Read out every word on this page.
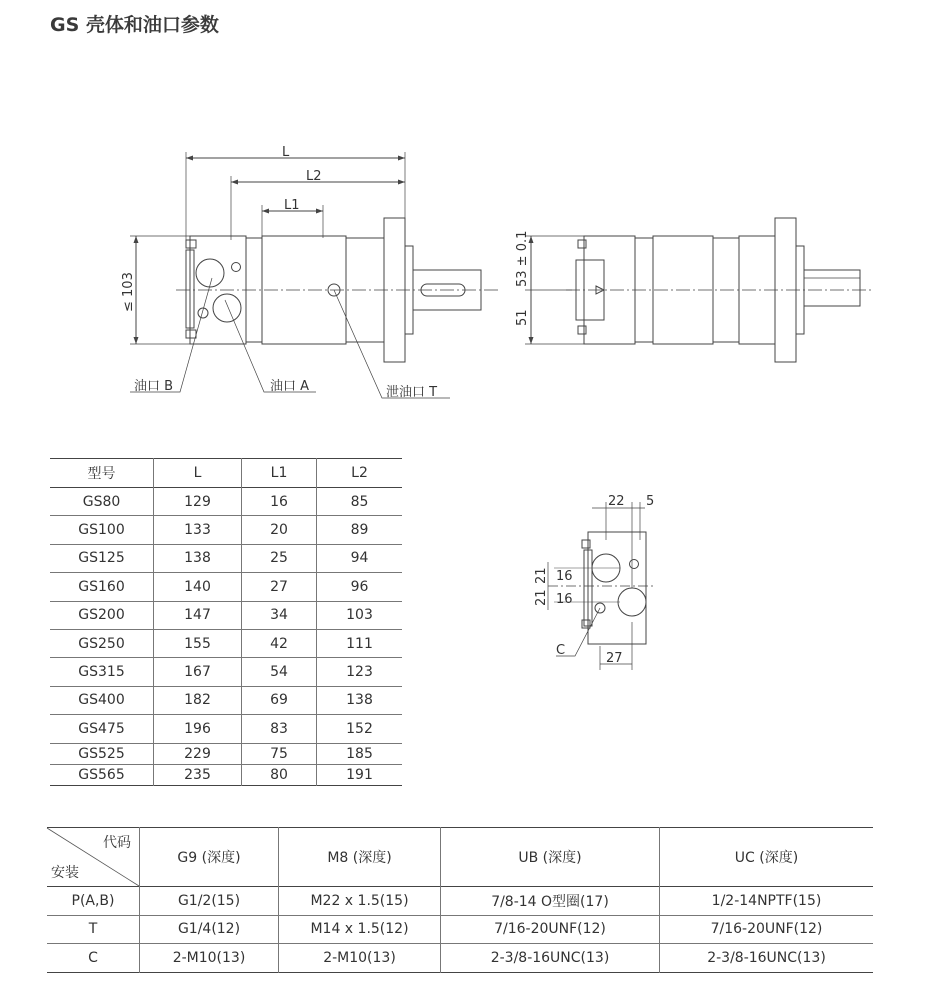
GS 壳体和油口参数
L
L2
L1
≤ 103
53 ± 0.1
51
油口 B	油口 A	泄油口 T
22 5
21
21
16
16
27
C
型号	L	L1	L2
GS80	129	16	85
GS100	133	20	89
GS125	138	25	94
GS160	140	27	96
GS200	147	34	103
GS250	155	42	111
GS315	167	54	123
GS400	182	69	138
GS475	196	83	152
GS525	229	75	185
GS565	235	80	191
代码
安装	G9 (深度)	M8 (深度)	UB (深度)	UC (深度)
P(A,B)	G1/2(15)	M22 x 1.5(15)	7/8-14 O型圈(17)	1/2-14NPTF(15)
T	G1/4(12)	M14 x 1.5(12)	7/16-20UNF(12)	7/16-20UNF(12)
C	2-M10(13)	2-M10(13)	2-3/8-16UNC(13)	2-3/8-16UNC(13)
